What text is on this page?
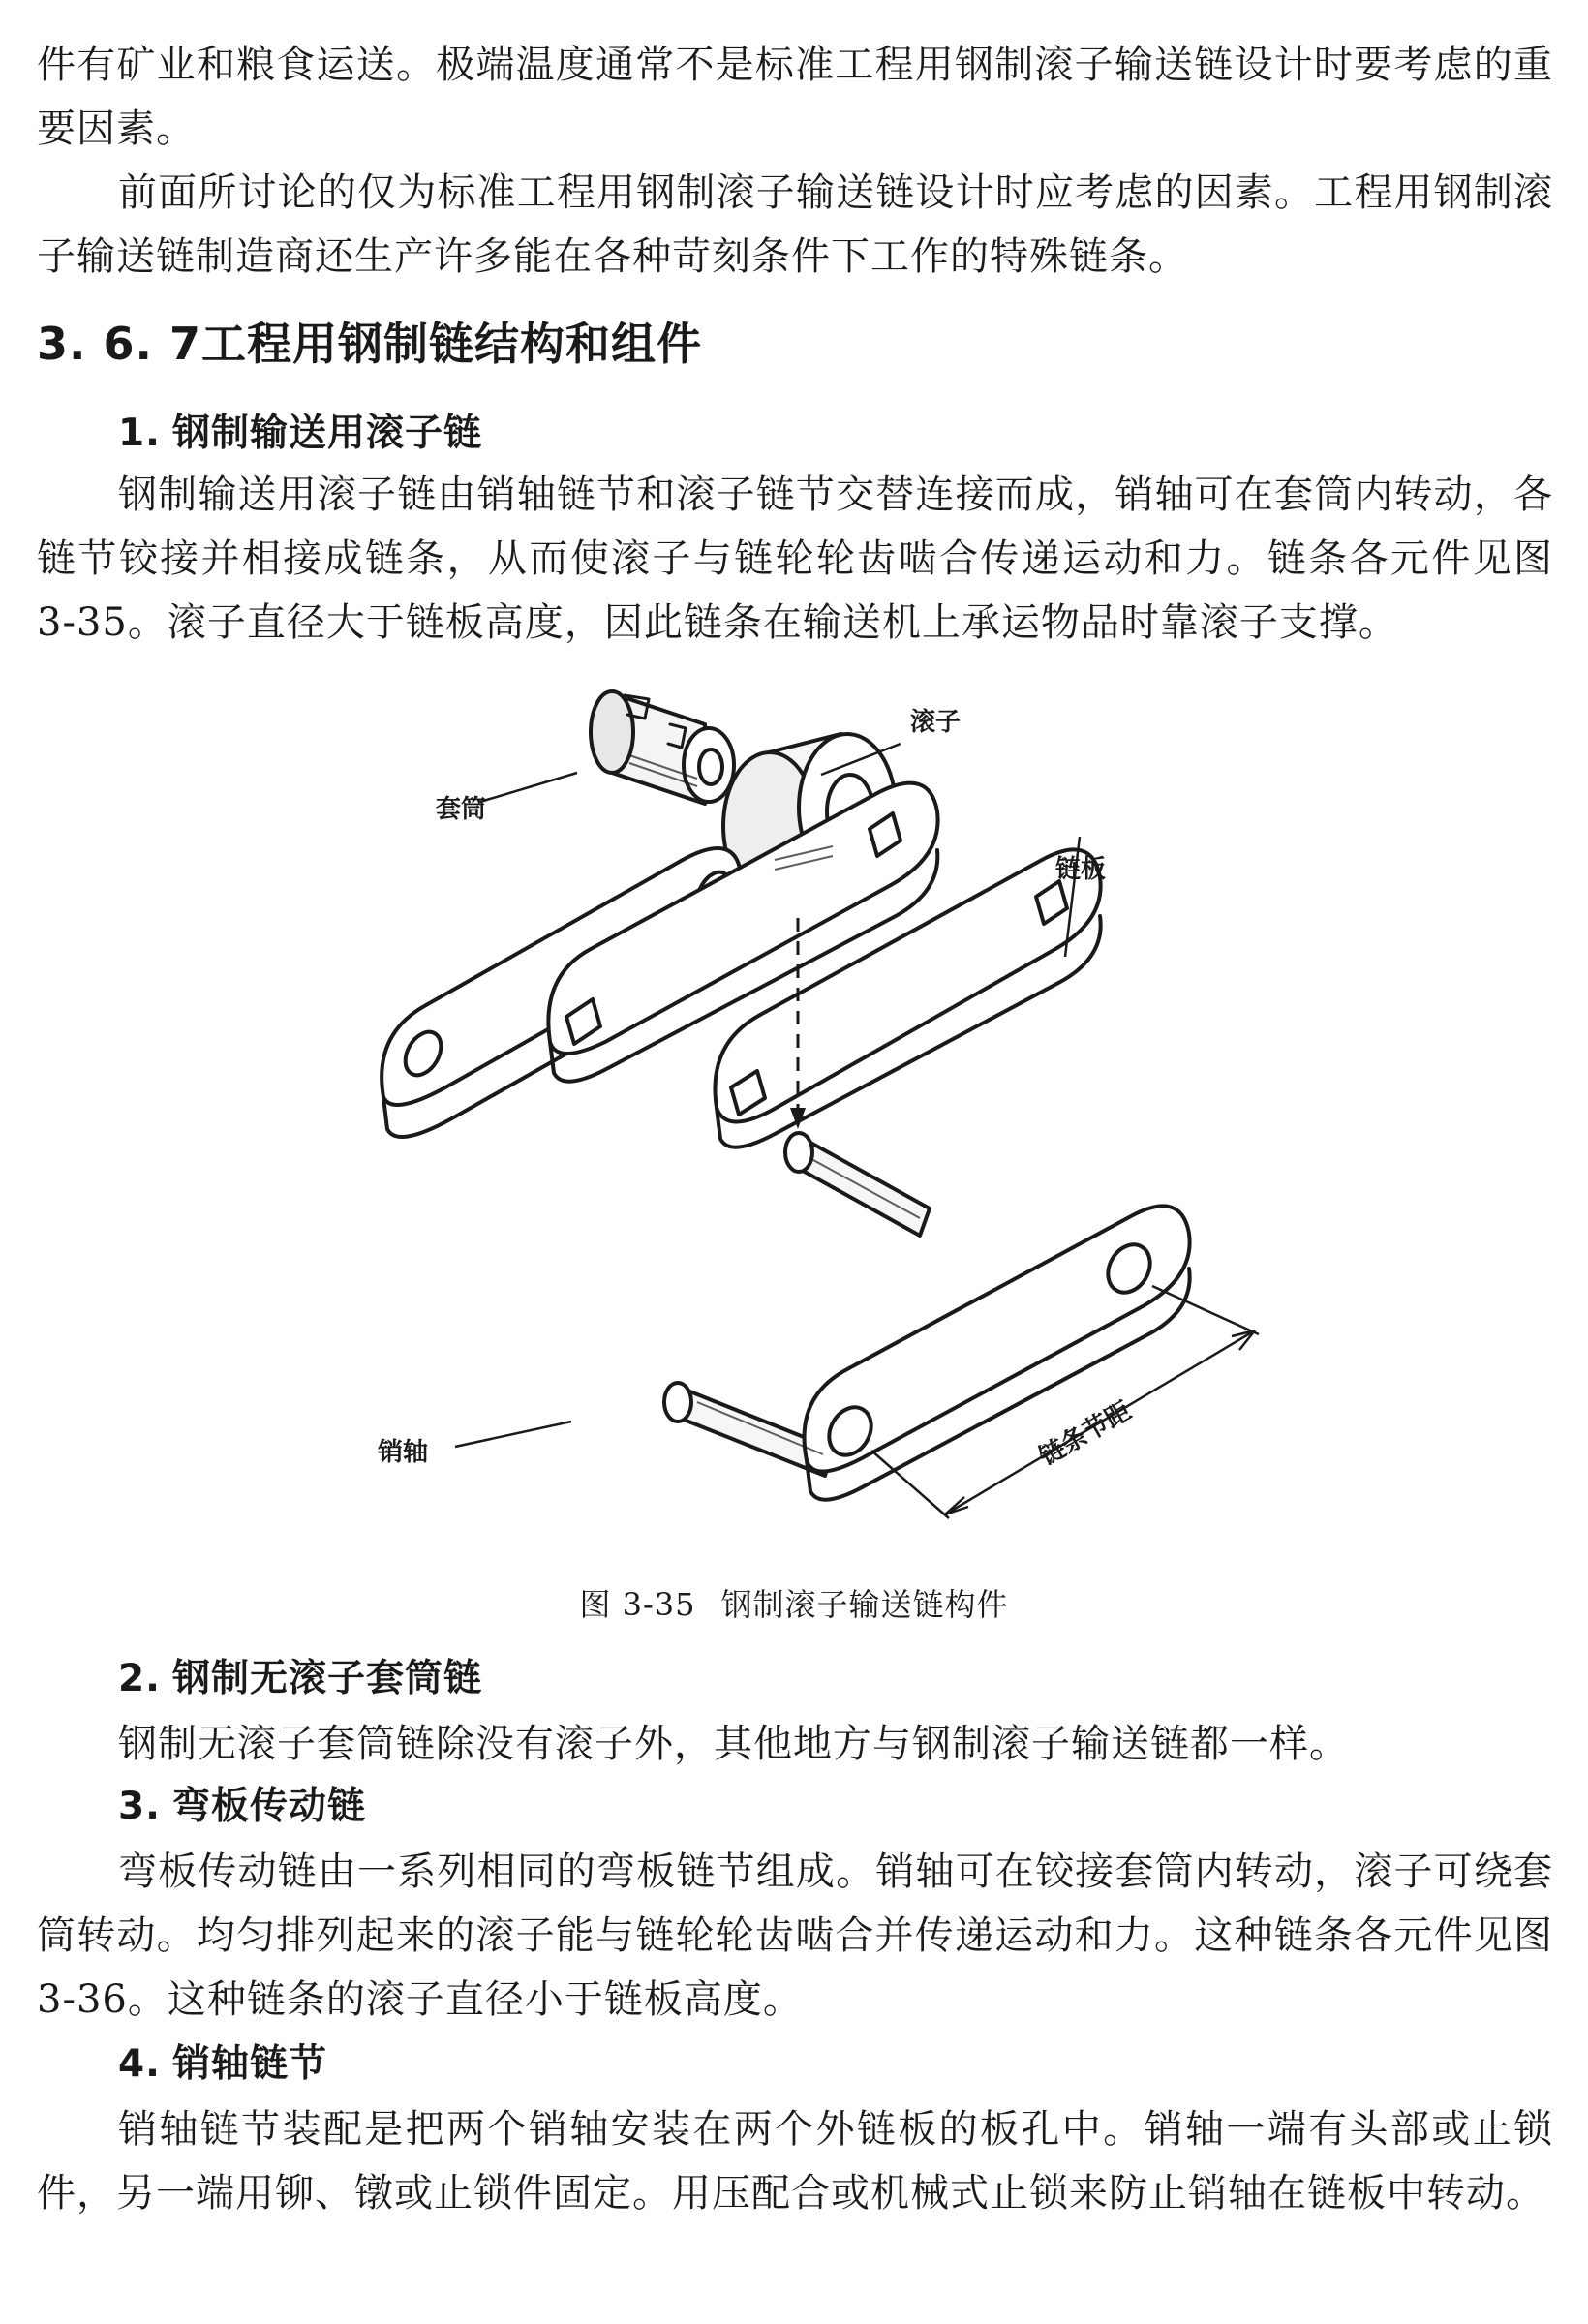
件有矿业和粮食运送。极端温度通常不是标准工程用钢制滚子输送链设计时要考虑的重要因素。

前面所讨论的仅为标准工程用钢制滚子输送链设计时应考虑的因素。工程用钢制滚子输送链制造商还生产许多能在各种苛刻条件下工作的特殊链条。

3. 6. 7工程用钢制链结构和组件
1. 钢制输送用滚子链

钢制输送用滚子链由销轴链节和滚子链节交替连接而成，销轴可在套筒内转动，各链节铰接并相接成链条，从而使滚子与链轮轮齿啮合传递运动和力。链条各元件见图 3-35。滚子直径大于链板高度，因此链条在输送机上承运物品时靠滚子支撑。

套筒
滚子
链板
销轴	链条节距

图 3-35 钢制滚子输送链构件

2. 钢制无滚子套筒链

钢制无滚子套筒链除没有滚子外，其他地方与钢制滚子输送链都一样。

3. 弯板传动链

弯板传动链由一系列相同的弯板链节组成。销轴可在铰接套筒内转动，滚子可绕套筒转动。均匀排列起来的滚子能与链轮轮齿啮合并传递运动和力。这种链条各元件见图 3-36。这种链条的滚子直径小于链板高度。

4. 销轴链节

销轴链节装配是把两个销轴安装在两个外链板的板孔中。销轴一端有头部或止锁件，另一端用铆、镦或止锁件固定。用压配合或机械式止锁来防止销轴在链板中转动。
